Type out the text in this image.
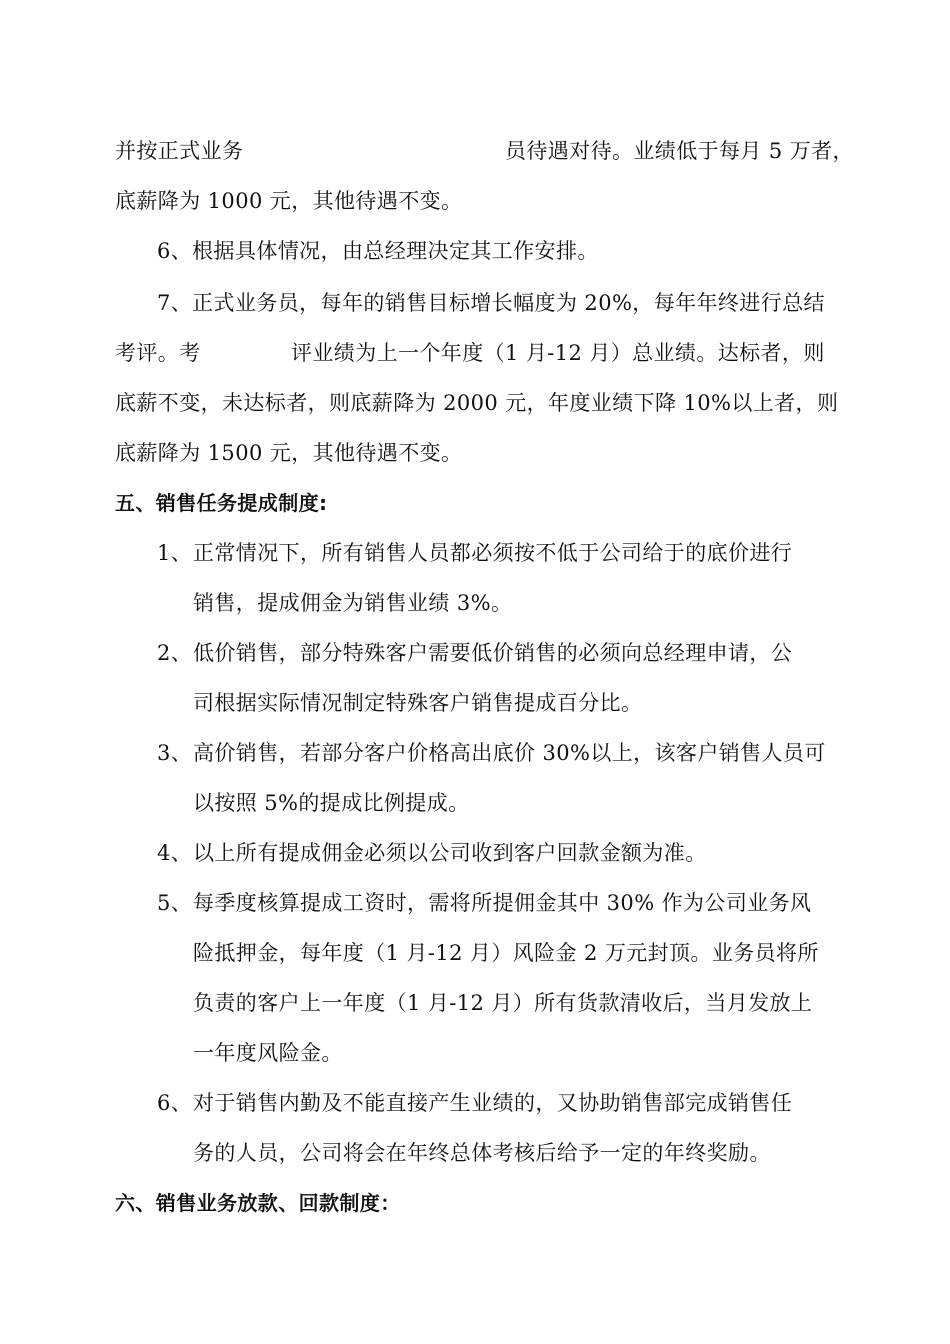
并按正式业务	员待遇对待。业绩低于每月 5 万者，
底薪降为 1000 元，其他待遇不变。
6、根据具体情况，由总经理决定其工作安排。
7、正式业务员，每年的销售目标增长幅度为 20%，每年年终进行总结
考评。考	评业绩为上一个年度（1 月-12 月）总业绩。达标者，则
底薪不变，未达标者，则底薪降为 2000 元，年度业绩下降 10%以上者，则
底薪降为 1500 元，其他待遇不变。
五、销售任务提成制度:
1、 正常情况下，所有销售人员都必须按不低于公司给于的底价进行
销售，提成佣金为销售业绩 3%。
2、 低价销售，部分特殊客户需要低价销售的必须向总经理申请，公
司根据实际情况制定特殊客户销售提成百分比。
3、 高价销售，若部分客户价格高出底价 30%以上，该客户销售人员可
以按照 5%的提成比例提成。
4、 以上所有提成佣金必须以公司收到客户回款金额为准。
5、 每季度核算提成工资时，需将所提佣金其中 30% 作为公司业务风
险抵押金，每年度（1 月-12 月）风险金 2 万元封顶。业务员将所
负责的客户上一年度（1 月-12 月）所有货款清收后，当月发放上
一年度风险金。
6、 对于销售内勤及不能直接产生业绩的，又协助销售部完成销售任
务的人员，公司将会在年终总体考核后给予一定的年终奖励。
六、销售业务放款、回款制度：
